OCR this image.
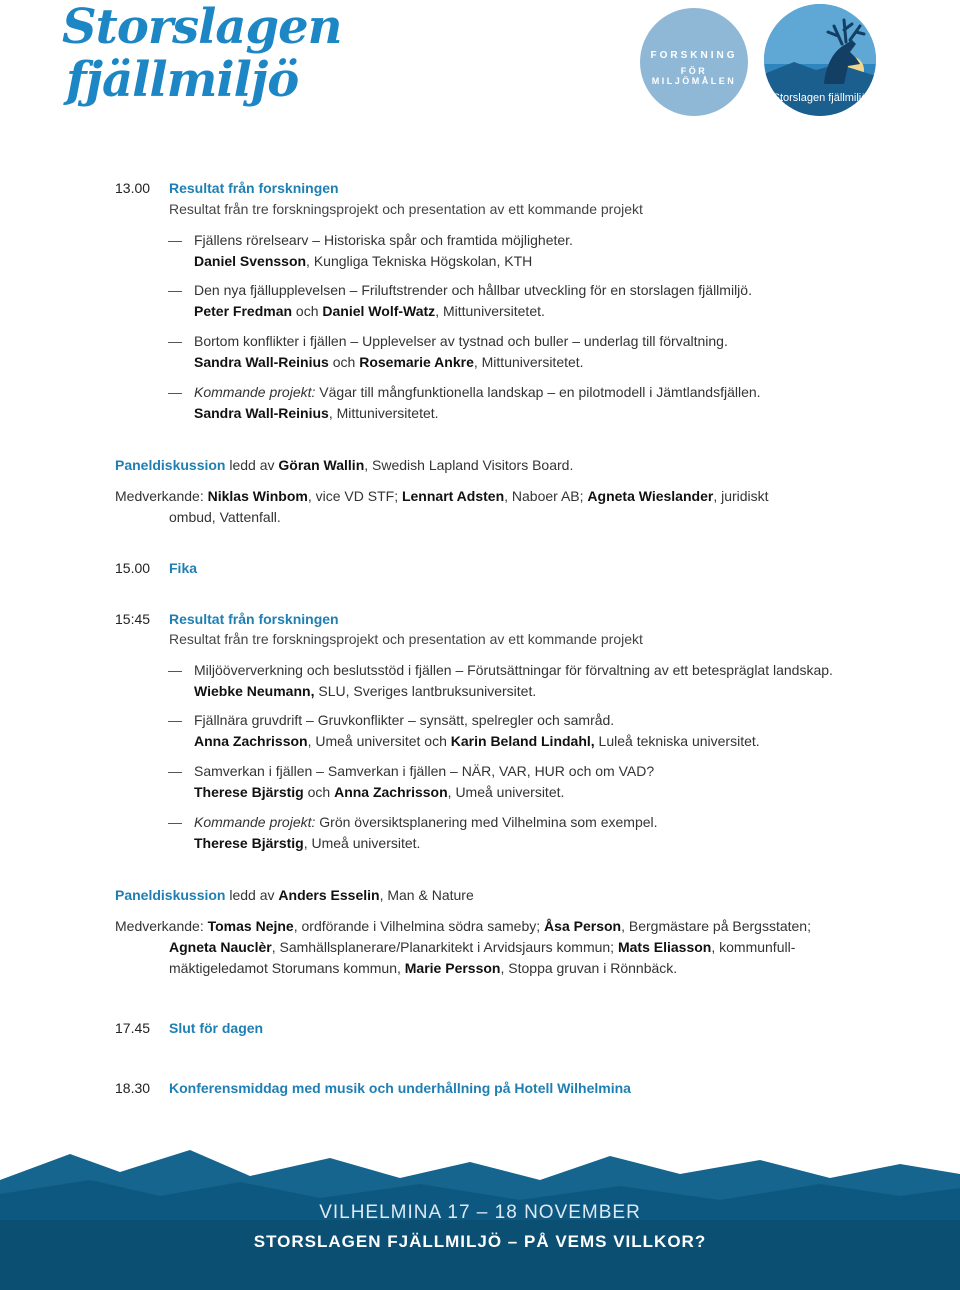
Storslagen
fjällmiljö	FORSKNING
FÖR MILJÖMÅLEN
Storslagen fjällmiljö
13.00 Resultat från forskningen
Resultat från tre forskningsprojekt och presentation av ett kommande projekt
Fjällens rörelsearv – Historiska spår och framtida möjligheter.
Daniel Svensson, Kungliga Tekniska Högskolan, KTH
Den nya fjällupplevelsen – Friluftstrender och hållbar utveckling för en storslagen fjällmiljö.
Peter Fredman och Daniel Wolf-Watz, Mittuniversitetet.
Bortom konflikter i fjällen – Upplevelser av tystnad och buller – underlag till förvaltning.
Sandra Wall-Reinius och Rosemarie Ankre, Mittuniversitetet.
Kommande projekt: Vägar till mångfunktionella landskap – en pilotmodell i Jämtlandsfjällen.
Sandra Wall-Reinius, Mittuniversitetet.
Paneldiskussion ledd av Göran Wallin, Swedish Lapland Visitors Board.
Medverkande: Niklas Winbom, vice VD STF; Lennart Adsten, Naboer AB; Agneta Wieslander, juridiskt
ombud, Vattenfall.
15.00 Fika
15:45 Resultat från forskningen
Resultat från tre forskningsprojekt och presentation av ett kommande projekt
Miljööververkning och beslutsstöd i fjällen – Förutsättningar för förvaltning av ett betespräglat landskap.
Wiebke Neumann, SLU, Sveriges lantbruksuniversitet.
Fjällnära gruvdrift – Gruvkonflikter – synsätt, spelregler och samråd.
Anna Zachrisson, Umeå universitet och Karin Beland Lindahl, Luleå tekniska universitet.
Samverkan i fjällen – Samverkan i fjällen – NÄR, VAR, HUR och om VAD?
Therese Bjärstig och Anna Zachrisson, Umeå universitet.
Kommande projekt: Grön översiktsplanering med Vilhelmina som exempel.
Therese Bjärstig, Umeå universitet.
Paneldiskussion ledd av Anders Esselin, Man & Nature
Medverkande: Tomas Nejne, ordförande i Vilhelmina södra sameby; Åsa Person, Bergmästare på Bergsstaten;
Agneta Nauclèr, Samhällsplanerare/Planarkitekt i Arvidsjaurs kommun; Mats Eliasson, kommunfull-
mäktigeledamot Storumans kommun, Marie Persson, Stoppa gruvan i Rönnbäck.
17.45 Slut för dagen
18.30 Konferensmiddag med musik och underhållning på Hotell Wilhelmina
VILHELMINA 17 – 18 NOVEMBER
STORSLAGEN FJÄLLMILJÖ – PÅ VEMS VILLKOR?
